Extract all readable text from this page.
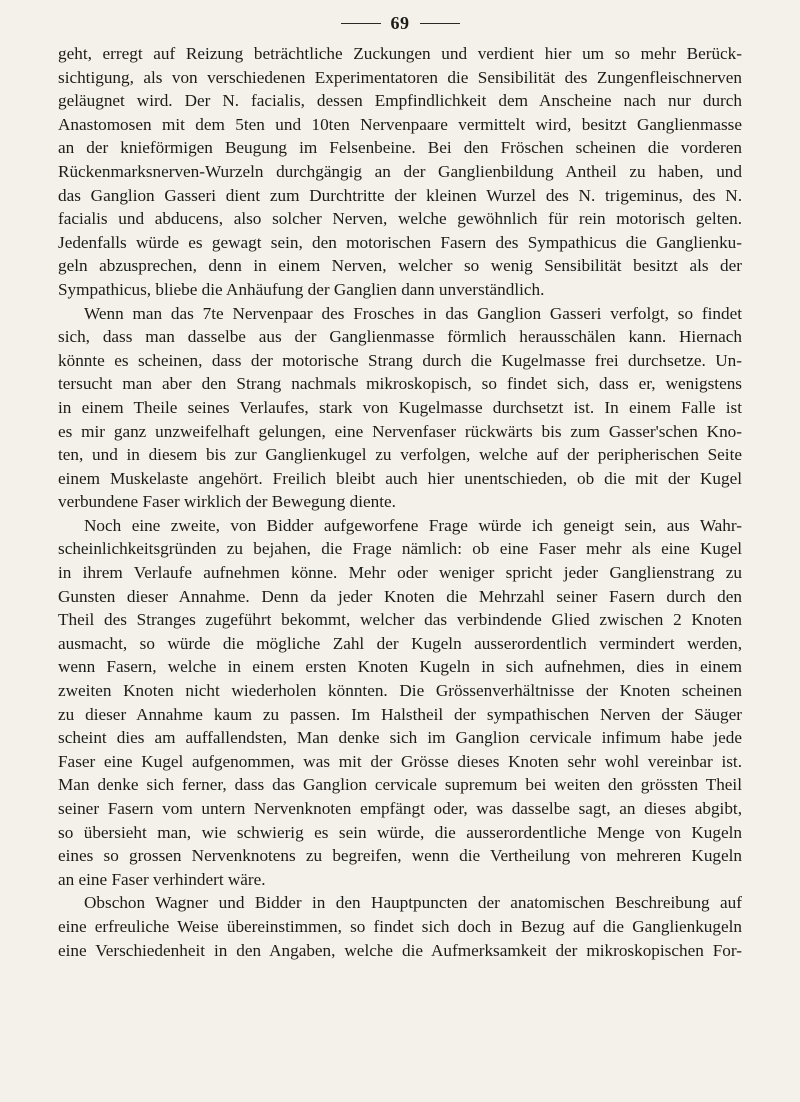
69
geht, erregt auf Reizung beträchtliche Zuckungen und verdient hier um so mehr Berück-
sichtigung, als von verschiedenen Experimentatoren die Sensibilität des Zungenfleischnerven
geläugnet wird. Der N. facialis, dessen Empfindlichkeit dem Anscheine nach nur durch
Anastomosen mit dem 5ten und 10ten Nervenpaare vermittelt wird, besitzt Ganglienmasse
an der knieförmigen Beugung im Felsenbeine. Bei den Fröschen scheinen die vorderen
Rückenmarksnerven-Wurzeln durchgängig an der Ganglienbildung Antheil zu haben, und
das Ganglion Gasseri dient zum Durchtritte der kleinen Wurzel des N. trigeminus, des N.
facialis und abducens, also solcher Nerven, welche gewöhnlich für rein motorisch gelten.
Jedenfalls würde es gewagt sein, den motorischen Fasern des Sympathicus die Ganglienku-
geln abzusprechen, denn in einem Nerven, welcher so wenig Sensibilität besitzt als der
Sympathicus, bliebe die Anhäufung der Ganglien dann unverständlich.
Wenn man das 7te Nervenpaar des Frosches in das Ganglion Gasseri verfolgt, so findet
sich, dass man dasselbe aus der Ganglienmasse förmlich herausschälen kann. Hiernach
könnte es scheinen, dass der motorische Strang durch die Kugelmasse frei durchsetze. Un-
tersucht man aber den Strang nachmals mikroskopisch, so findet sich, dass er, wenigstens
in einem Theile seines Verlaufes, stark von Kugelmasse durchsetzt ist. In einem Falle ist
es mir ganz unzweifelhaft gelungen, eine Nervenfaser rückwärts bis zum Gasser'schen Kno-
ten, und in diesem bis zur Ganglienkugel zu verfolgen, welche auf der peripherischen Seite
einem Muskelaste angehört. Freilich bleibt auch hier unentschieden, ob die mit der Kugel
verbundene Faser wirklich der Bewegung diente.
Noch eine zweite, von Bidder aufgeworfene Frage würde ich geneigt sein, aus Wahr-
scheinlichkeitsgründen zu bejahen, die Frage nämlich: ob eine Faser mehr als eine Kugel
in ihrem Verlaufe aufnehmen könne. Mehr oder weniger spricht jeder Ganglienstrang zu
Gunsten dieser Annahme. Denn da jeder Knoten die Mehrzahl seiner Fasern durch den
Theil des Stranges zugeführt bekommt, welcher das verbindende Glied zwischen 2 Knoten
ausmacht, so würde die mögliche Zahl der Kugeln ausserordentlich vermindert werden,
wenn Fasern, welche in einem ersten Knoten Kugeln in sich aufnehmen, dies in einem
zweiten Knoten nicht wiederholen könnten. Die Grössenverhältnisse der Knoten scheinen
zu dieser Annahme kaum zu passen. Im Halstheil der sympathischen Nerven der Säuger
scheint dies am auffallendsten, Man denke sich im Ganglion cervicale infimum habe jede
Faser eine Kugel aufgenommen, was mit der Grösse dieses Knoten sehr wohl vereinbar ist.
Man denke sich ferner, dass das Ganglion cervicale supremum bei weiten den grössten Theil
seiner Fasern vom untern Nervenknoten empfängt oder, was dasselbe sagt, an dieses abgibt,
so übersieht man, wie schwierig es sein würde, die ausserordentliche Menge von Kugeln
eines so grossen Nervenknotens zu begreifen, wenn die Vertheilung von mehreren Kugeln
an eine Faser verhindert wäre.
Obschon Wagner und Bidder in den Hauptpuncten der anatomischen Beschreibung auf
eine erfreuliche Weise übereinstimmen, so findet sich doch in Bezug auf die Ganglienkugeln
eine Verschiedenheit in den Angaben, welche die Aufmerksamkeit der mikroskopischen For-
